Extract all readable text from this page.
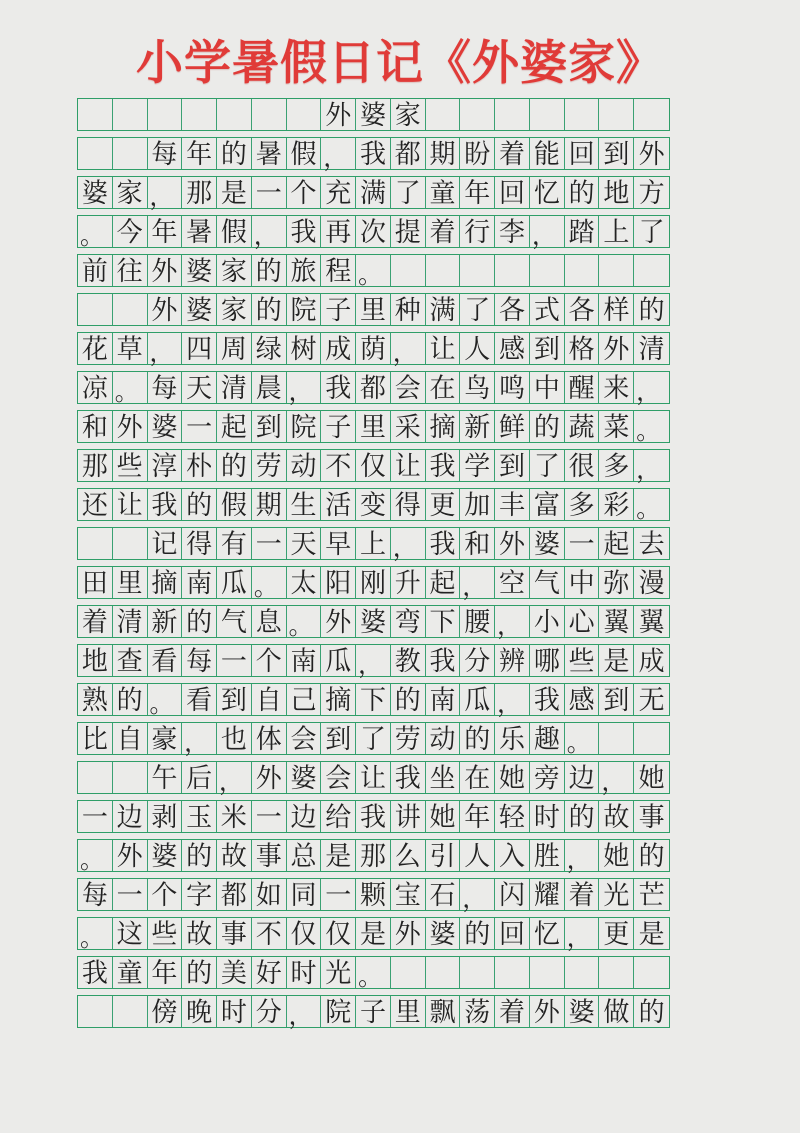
小学暑假日记《外婆家》
外 婆 家
每 年 的 暑 假 ， 我 都 期 盼 着 能 回 到 外
婆 家 ， 那 是 一 个 充 满 了 童 年 回 忆 的 地 方
。 今 年 暑 假 ， 我 再 次 提 着 行 李 ， 踏 上 了
前 往 外 婆 家 的 旅 程 。
外 婆 家 的 院 子 里 种 满 了 各 式 各 样 的
花 草 ， 四 周 绿 树 成 荫 ， 让 人 感 到 格 外 清
凉 。 每 天 清 晨 ， 我 都 会 在 鸟 鸣 中 醒 来 ，
和 外 婆 一 起 到 院 子 里 采 摘 新 鲜 的 蔬 菜 。
那 些 淳 朴 的 劳 动 不 仅 让 我 学 到 了 很 多 ，
还 让 我 的 假 期 生 活 变 得 更 加 丰 富 多 彩 。
记 得 有 一 天 早 上 ， 我 和 外 婆 一 起 去
田 里 摘 南 瓜 。 太 阳 刚 升 起 ， 空 气 中 弥 漫
着 清 新 的 气 息 。 外 婆 弯 下 腰 ， 小 心 翼 翼
地 查 看 每 一 个 南 瓜 ， 教 我 分 辨 哪 些 是 成
熟 的 。 看 到 自 己 摘 下 的 南 瓜 ， 我 感 到 无
比 自 豪 ， 也 体 会 到 了 劳 动 的 乐 趣 。
午 后 ， 外 婆 会 让 我 坐 在 她 旁 边 ， 她
一 边 剥 玉 米 一 边 给 我 讲 她 年 轻 时 的 故 事
。 外 婆 的 故 事 总 是 那 么 引 人 入 胜 ， 她 的
每 一 个 字 都 如 同 一 颗 宝 石 ， 闪 耀 着 光 芒
。 这 些 故 事 不 仅 仅 是 外 婆 的 回 忆 ， 更 是
我 童 年 的 美 好 时 光 。
傍 晚 时 分 ， 院 子 里 飘 荡 着 外 婆 做 的
